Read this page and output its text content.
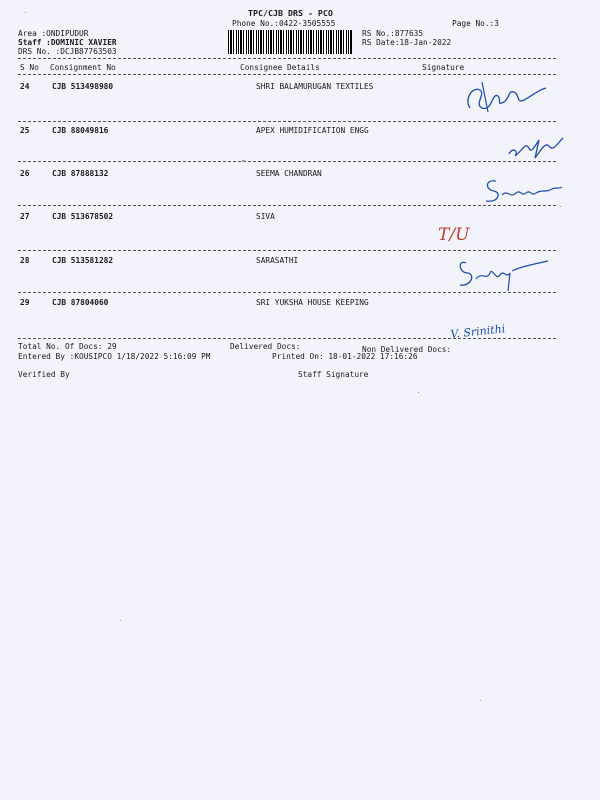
TPC/CJB DRS - PCO
Phone No.:0422-3505555	Page No.:3
RS No.:877635
RS Date:18-Jan-2022
Area :ONDIPUDUR
Staff :DOMINIC XAVIER
DRS No. :DCJB87763503
S No Consignment No	Consignee Details	Signature
24	CJB 513498980	SHRI BALAMURUGAN TEXTILES
25	CJB 88049816	APEX HUMIDIFICATION ENGG
26	CJB 87888132	SEEMA CHANDRAN
27	CJB 513678502	SIVA
28	CJB 513581282	SARASATHI
29	CJB 87804060	SRI YUKSHA HOUSE KEEPING
T/U
V. Srinithi
Total No. Of Docs: 29	Delivered Docs:	Non Delivered Docs:
Entered By :KOUSIPCO 1/18/2022 5:16:09 PM	Printed On: 18-01-2022 17:16:26
Verified By	Staff Signature
